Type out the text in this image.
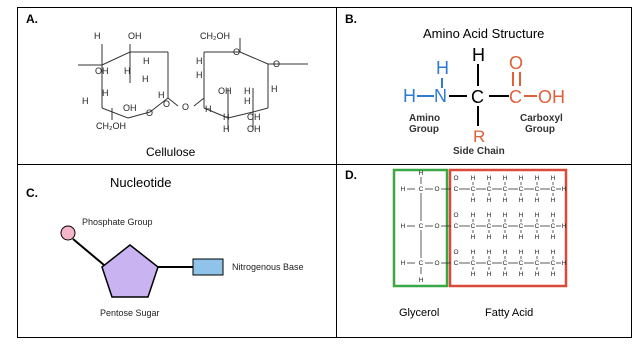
A.
H	OH	CH₂OH
O
OH H
H	H	O
H
H
H
H
H
O O
OH H H
H
O
OH	H
H OH
CH₂OH	H OH
Cellulose
B.
Amino Acid Structure
H
H N
H
C
R
O
C OH
Amino
Group
Carboxyl
Group
Side Chain
Nucleotide
C.
Phosphate Group
Nitrogenous Base
Pentose Sugar
D.	H
H C O
H C O
H C O
H
O
C C
H
H
C
H
H
C
H
H
C
H
H
C
H
H
C
H
H
H
O
C C
H
H
C
H
H
C
H
H
C
H
H
C
H
H
C
H
H
H
O
C C
H
H
C
H
H
C
H
H
C
H
H
C
H
H
C
H
H
H
Glycerol	Fatty Acid
